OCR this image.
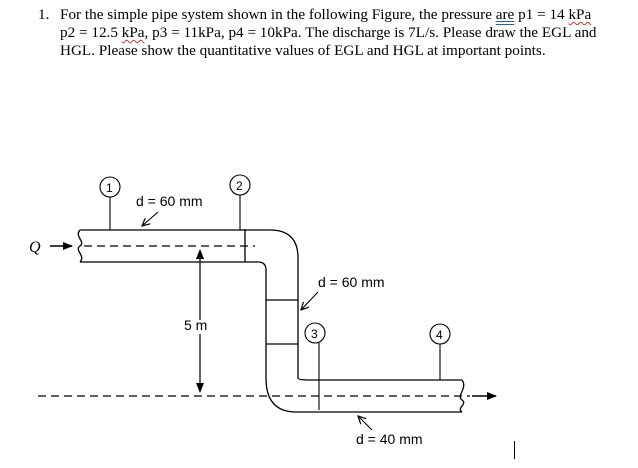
1. For the simple pipe system shown in the following Figure, the pressure are p1 = 14 kPa
p2 = 12.5 kPa, p3 = 11kPa, p4 = 10kPa. The discharge is 7L/s. Please draw the EGL and
HGL. Please show the quantitative values of EGL and HGL at important points.
Q
5 m
1	2
3	4
d = 60 mm
d = 60 mm
d = 40 mm
